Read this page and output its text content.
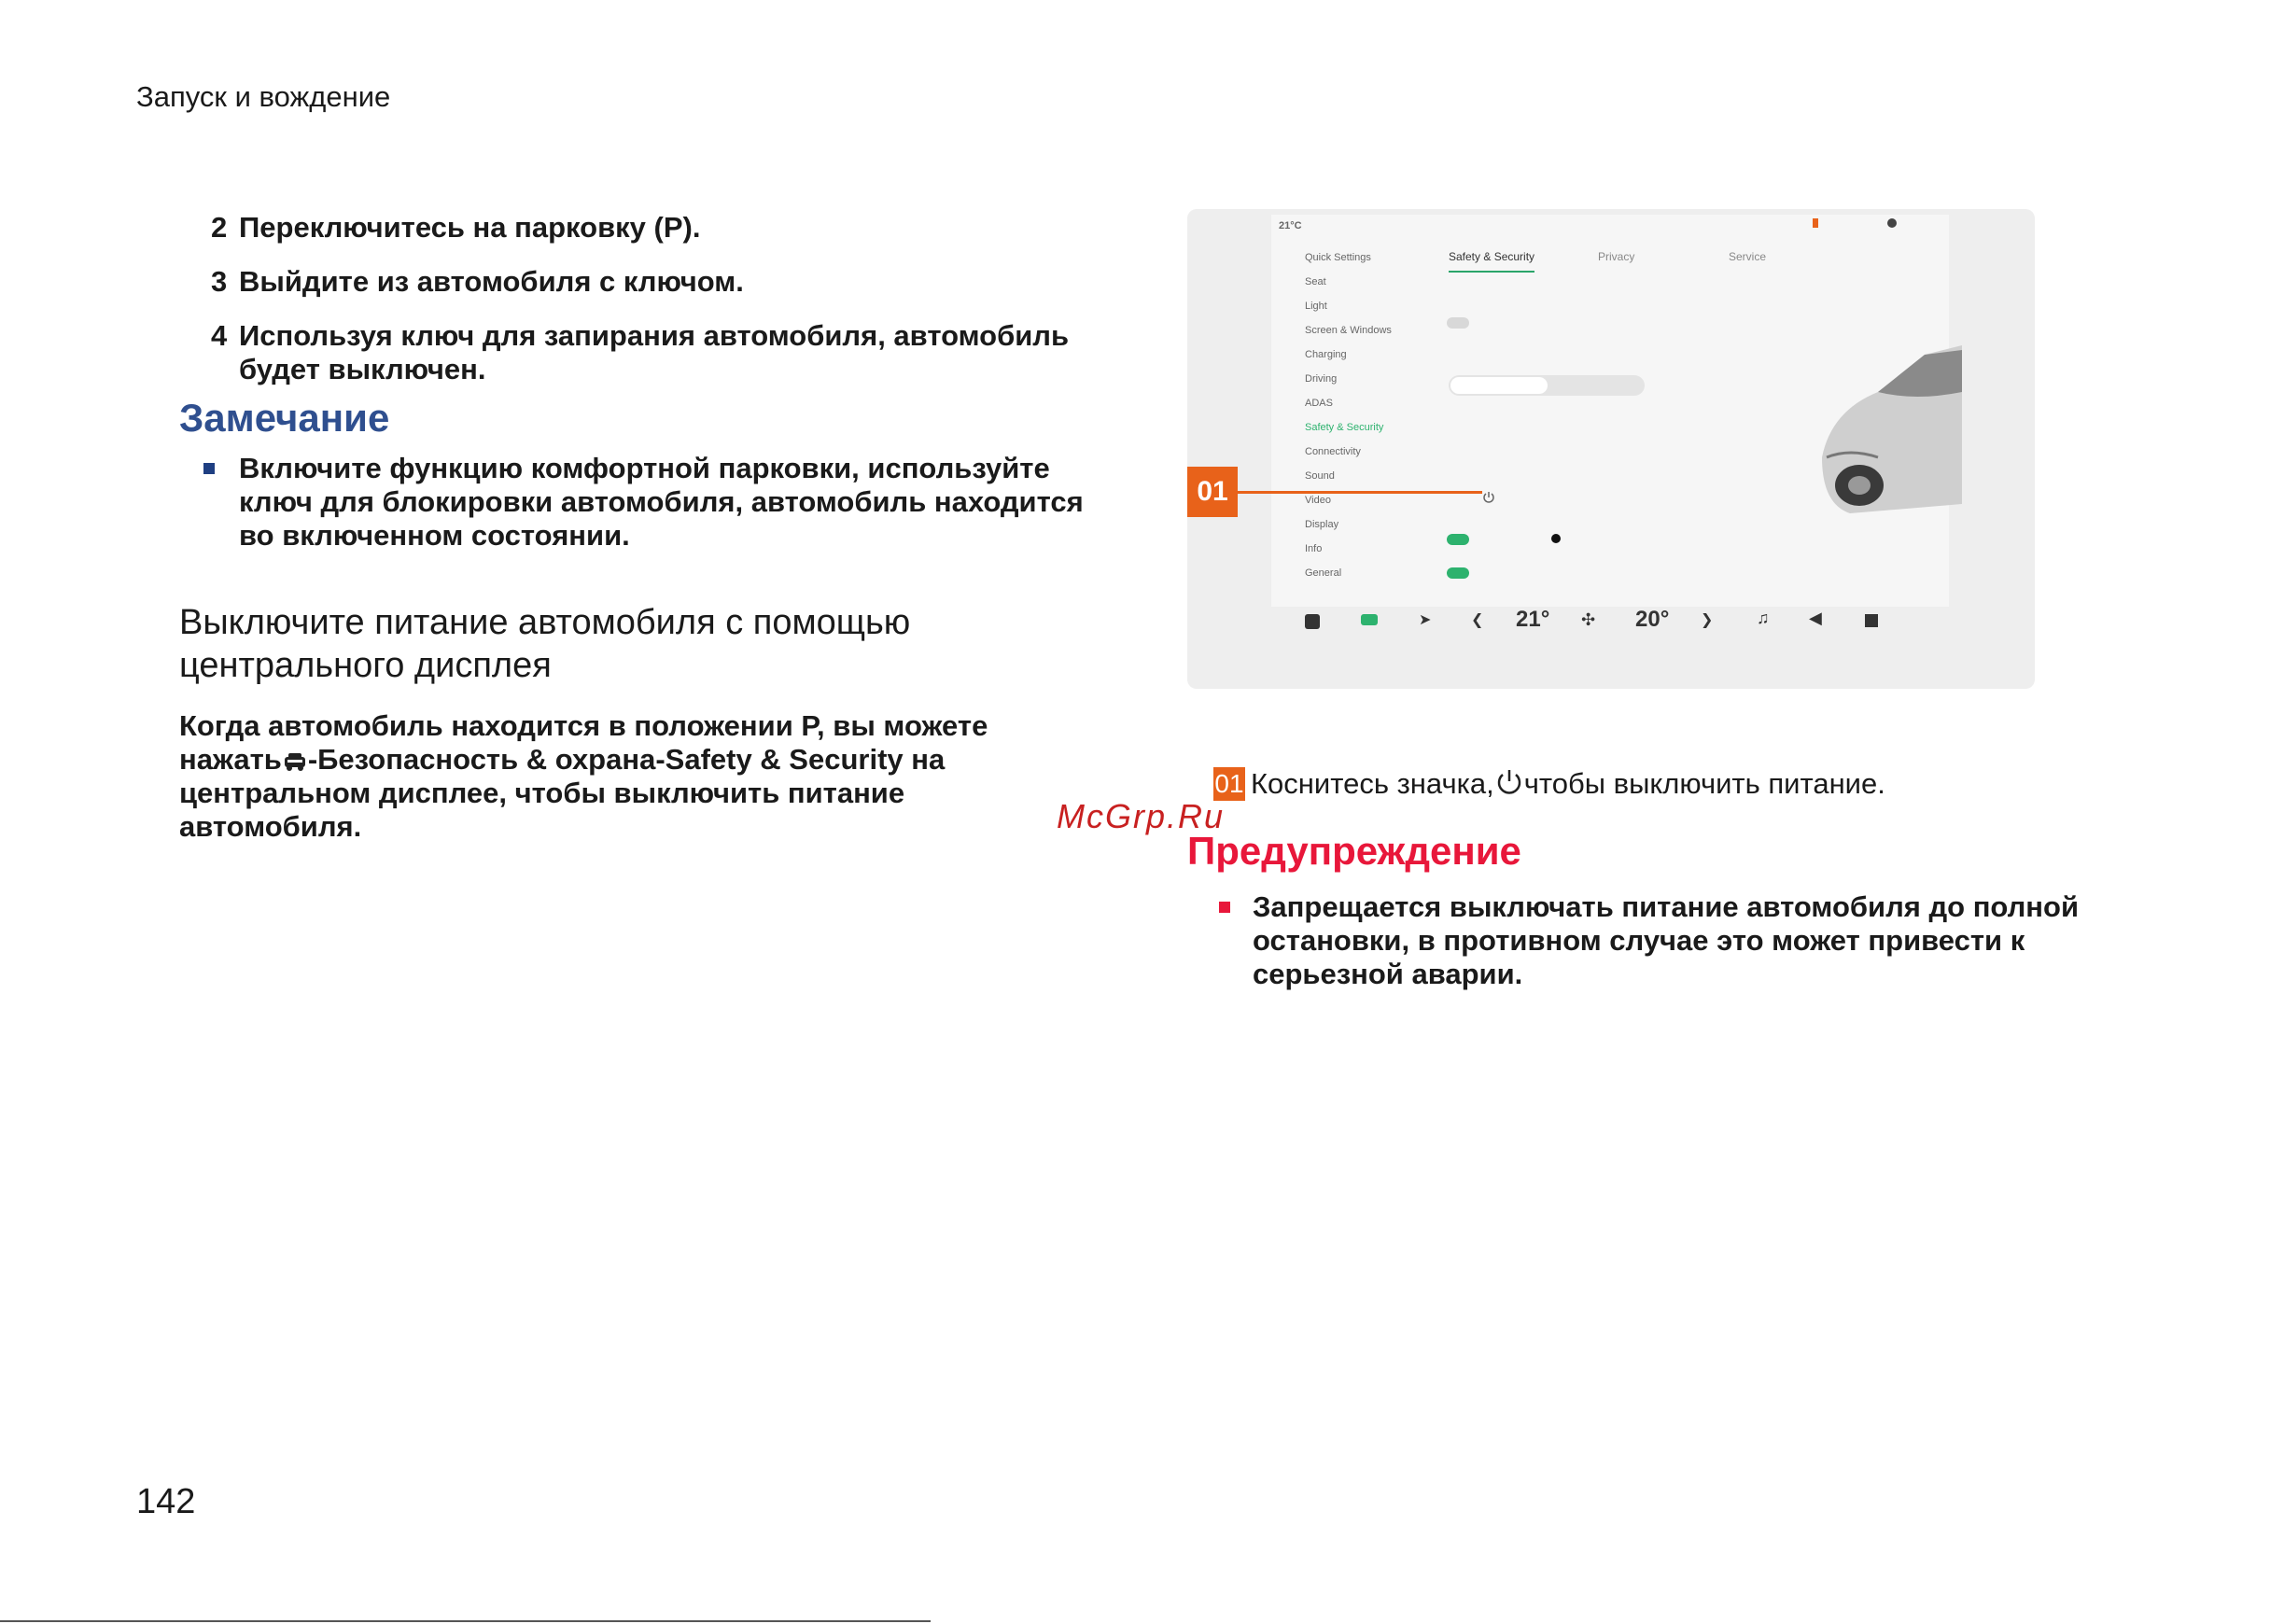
Запуск и вождение
2 Переключитесь на парковку (P).
3 Выйдите из автомобиля с ключом.
4 Используя ключ для запирания автомобиля, автомобиль будет выключен.
Замечание
Включите функцию комфортной парковки, используйте ключ для блокировки автомобиля, автомобиль находится во включенном состоянии.
Выключите питание автомобиля с помощью центрального дисплея
Когда автомобиль находится в положении P, вы можете нажать -Безопасность & охрана-Safety & Security на центральном дисплее, чтобы выключить питание автомобиля.
21°C
Quick Settings
Seat
Light
Screen & Windows
Charging
Driving
ADAS
Safety & Security
Connectivity
Sound
Video
Display
Info
General
Safety & Security	Privacy	Service
01
➤	❮ 21° ✣ 20° ❯	♫ ◀
01 Коснитесь значка, чтобы выключить питание.
McGrp.Ru
Предупреждение
Запрещается выключать питание автомобиля до полной остановки, в противном случае это может привести к серьезной аварии.
142
